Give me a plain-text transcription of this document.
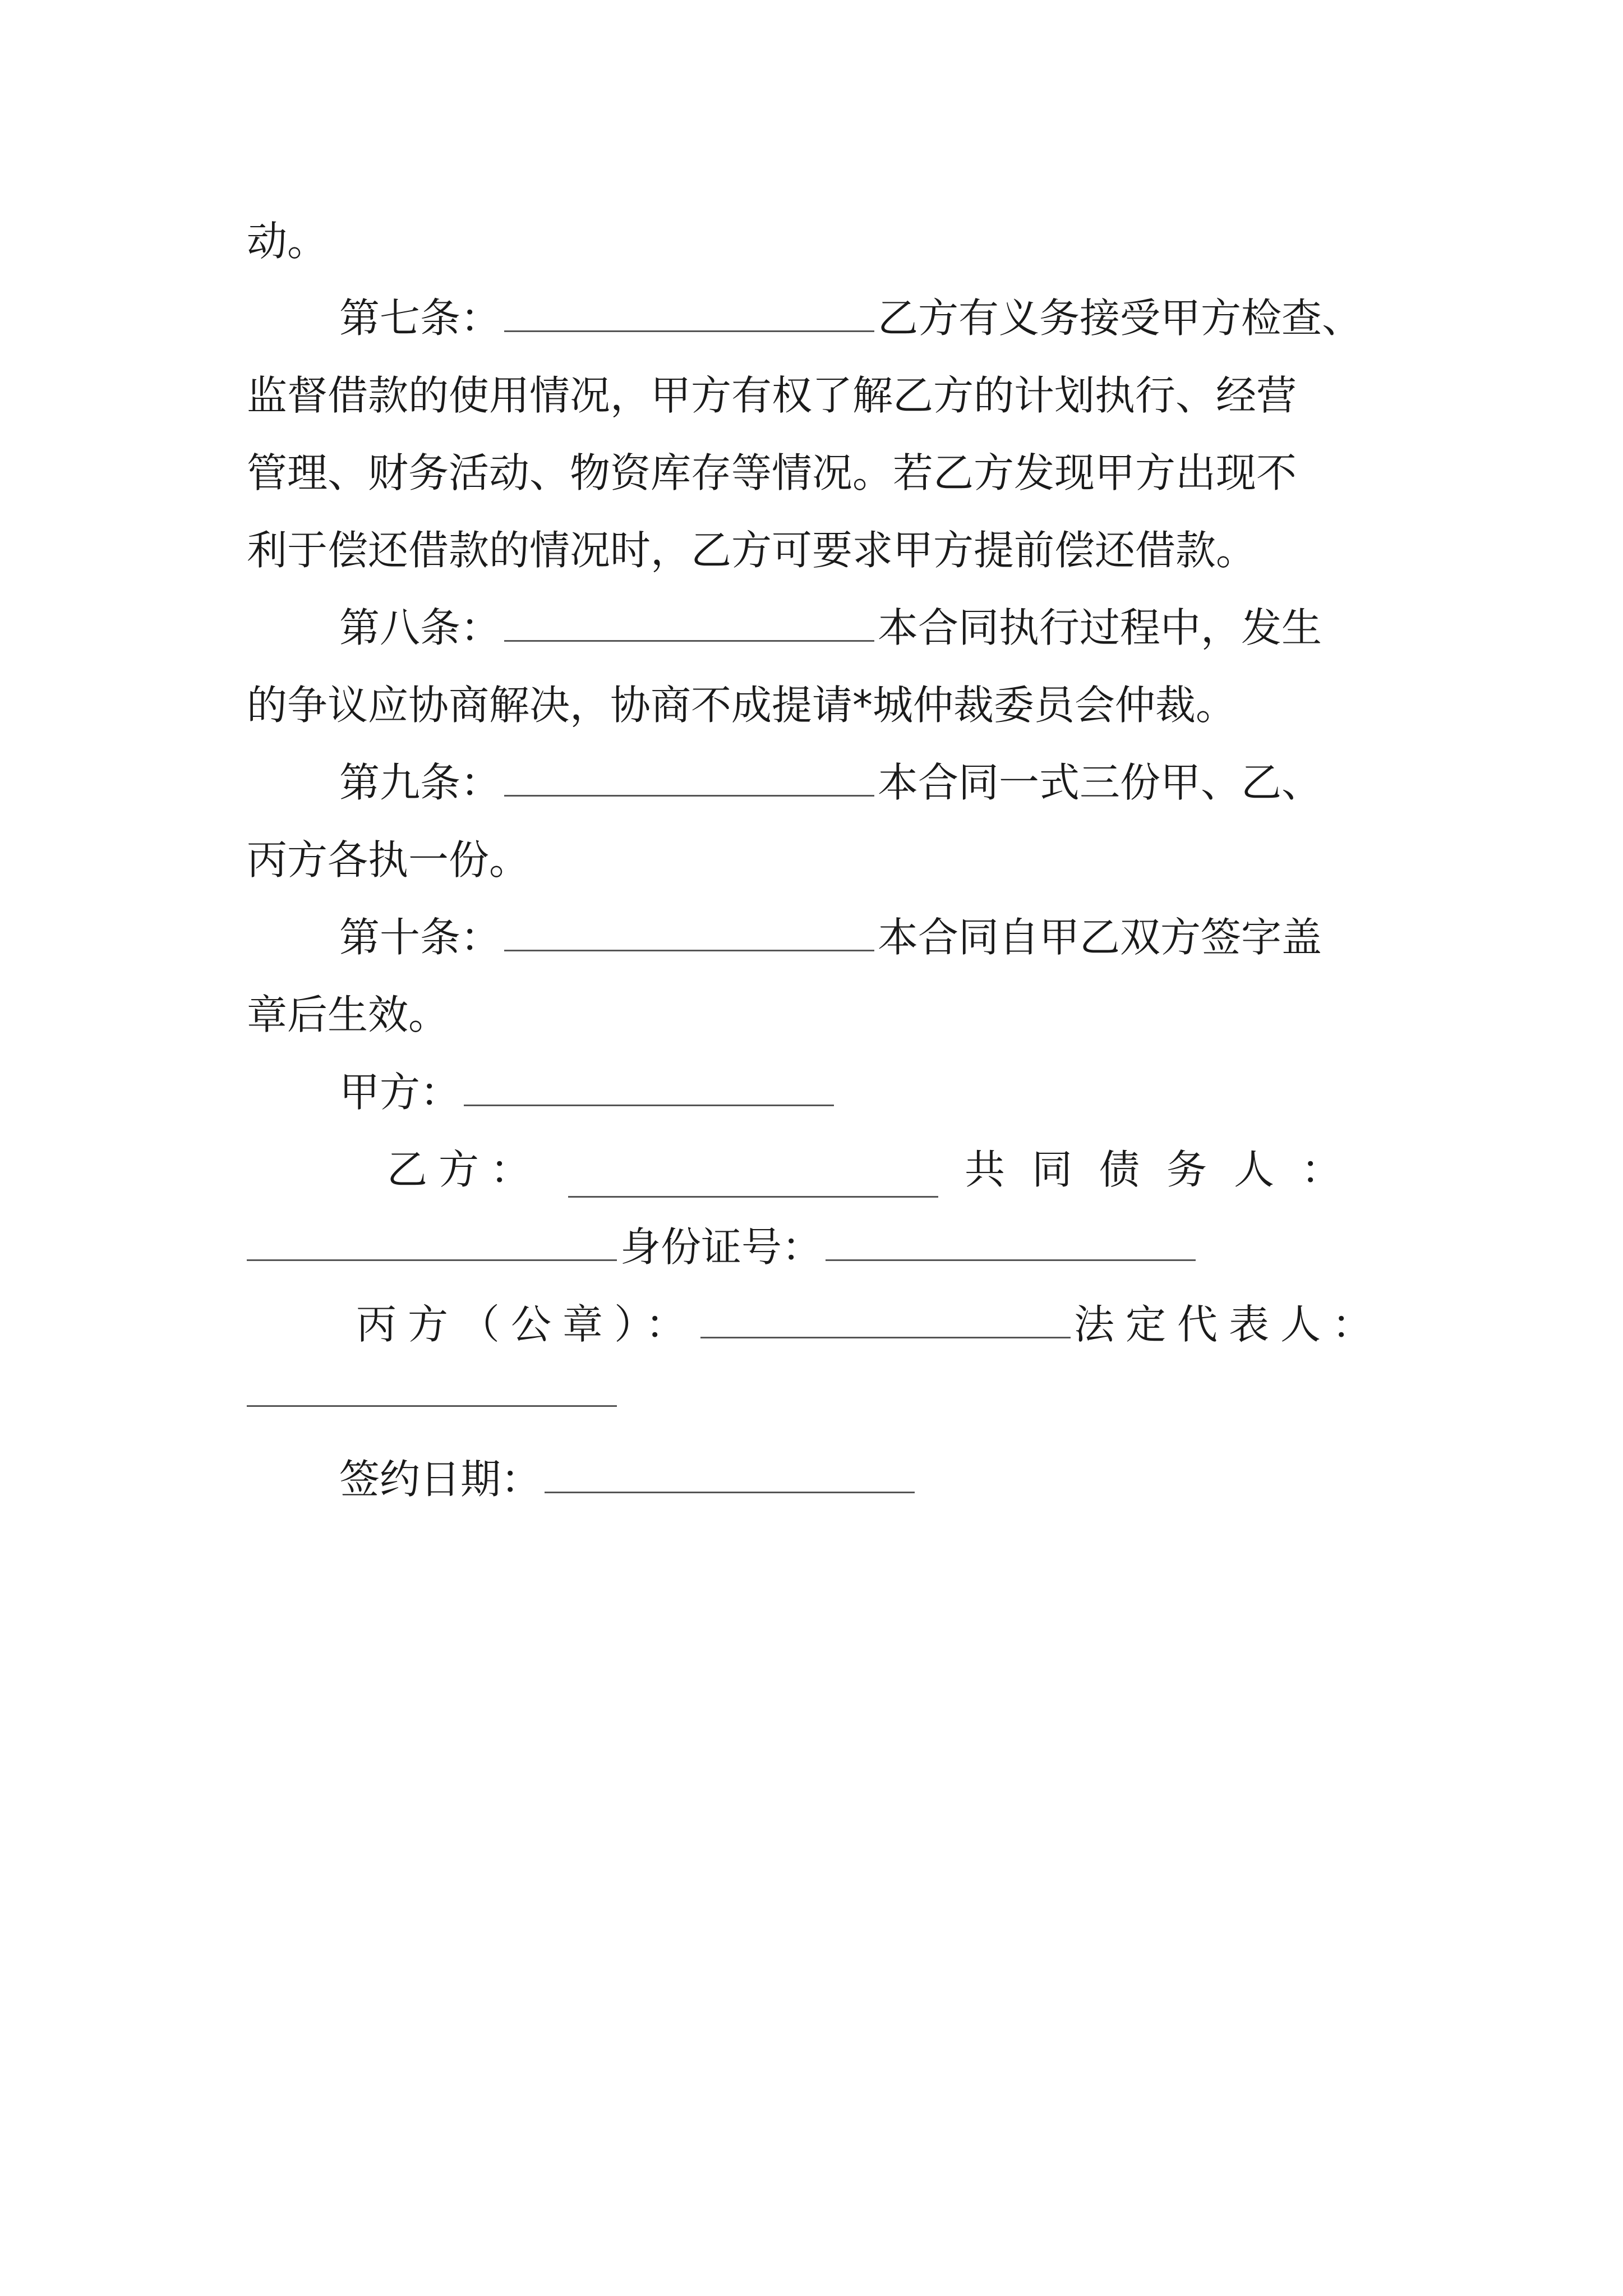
动。
第七条：	乙方有义务接受甲方检查、
监督借款的使用情况，甲方有权了解乙方的计划执行、经营
管理、财务活动、物资库存等情况。若乙方发现甲方出现不
利于偿还借款的情况时，乙方可要求甲方提前偿还借款。
第八条：	本合同执行过程中，发生
的争议应协商解决，协商不成提请*城仲裁委员会仲裁。
第九条：	本合同一式三份甲、乙、
丙方各执一份。
第十条：	本合同自甲乙双方签字盖
章后生效。
甲方：
乙方：	共同债务人：
身份证号：
丙方（公章）：	法定代表人：
签约日期：
